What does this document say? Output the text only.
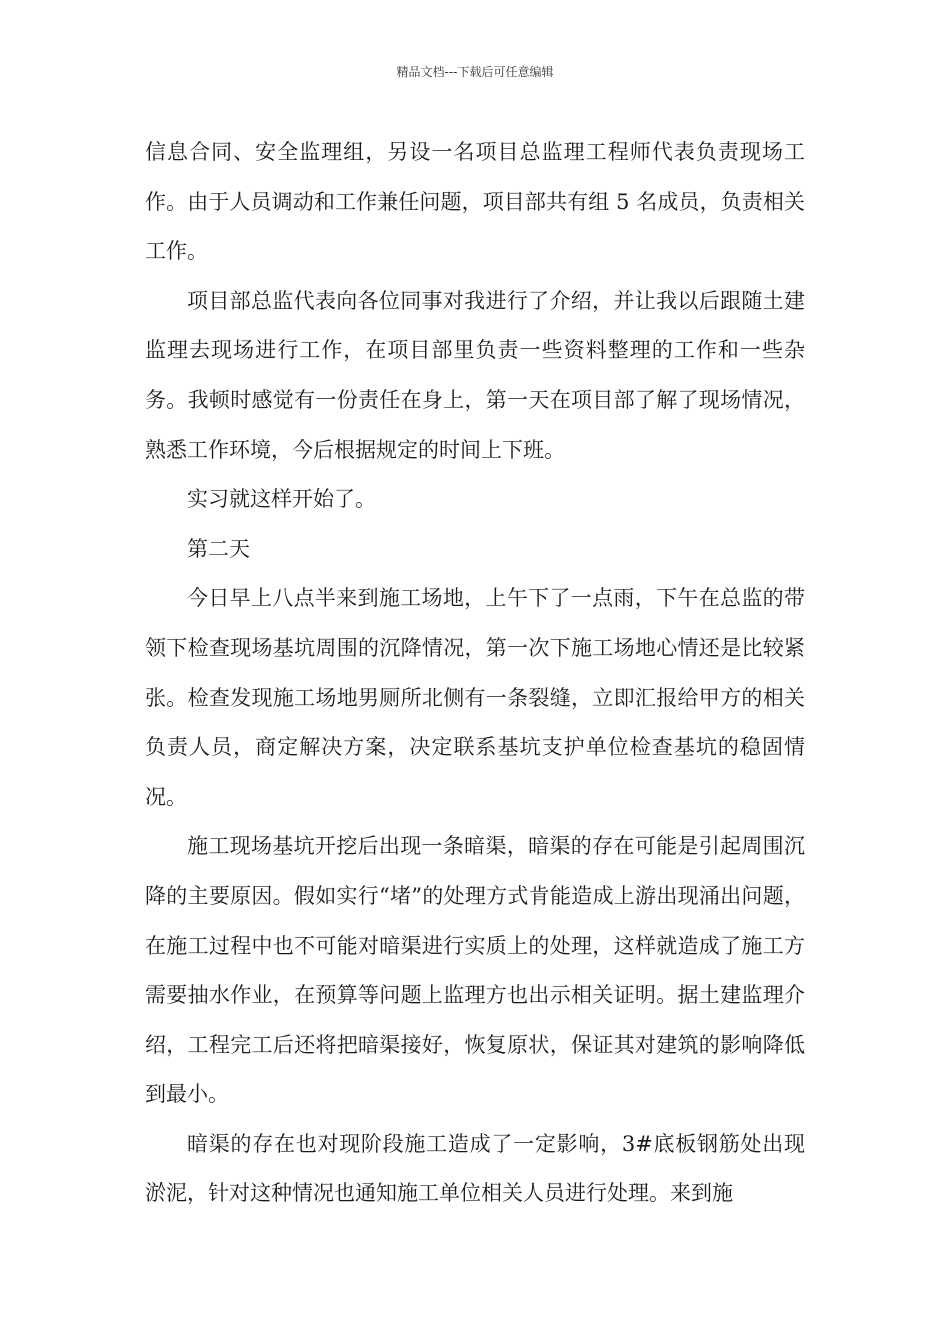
精品文档---下载后可任意编辑

信息合同、安全监理组，另设一名项目总监理工程师代表负责现场工作。由于人员调动和工作兼任问题，项目部共有组 5 名成员，负责相关工作。

项目部总监代表向各位同事对我进行了介绍，并让我以后跟随土建监理去现场进行工作，在项目部里负责一些资料整理的工作和一些杂务。我顿时感觉有一份责任在身上，第一天在项目部了解了现场情况，熟悉工作环境，今后根据规定的时间上下班。

实习就这样开始了。

第二天

今日早上八点半来到施工场地，上午下了一点雨，下午在总监的带领下检查现场基坑周围的沉降情况，第一次下施工场地心情还是比较紧张。检查发现施工场地男厕所北侧有一条裂缝，立即汇报给甲方的相关负责人员，商定解决方案，决定联系基坑支护单位检查基坑的稳固情况。

施工现场基坑开挖后出现一条暗渠，暗渠的存在可能是引起周围沉降的主要原因。假如实行“堵”的处理方式肯能造成上游出现涌出问题，在施工过程中也不可能对暗渠进行实质上的处理，这样就造成了施工方需要抽水作业，在预算等问题上监理方也出示相关证明。据土建监理介绍，工程完工后还将把暗渠接好，恢复原状，保证其对建筑的影响降低到最小。

暗渠的存在也对现阶段施工造成了一定影响，3#底板钢筋处出现淤泥，针对这种情况也通知施工单位相关人员进行处理。来到施
